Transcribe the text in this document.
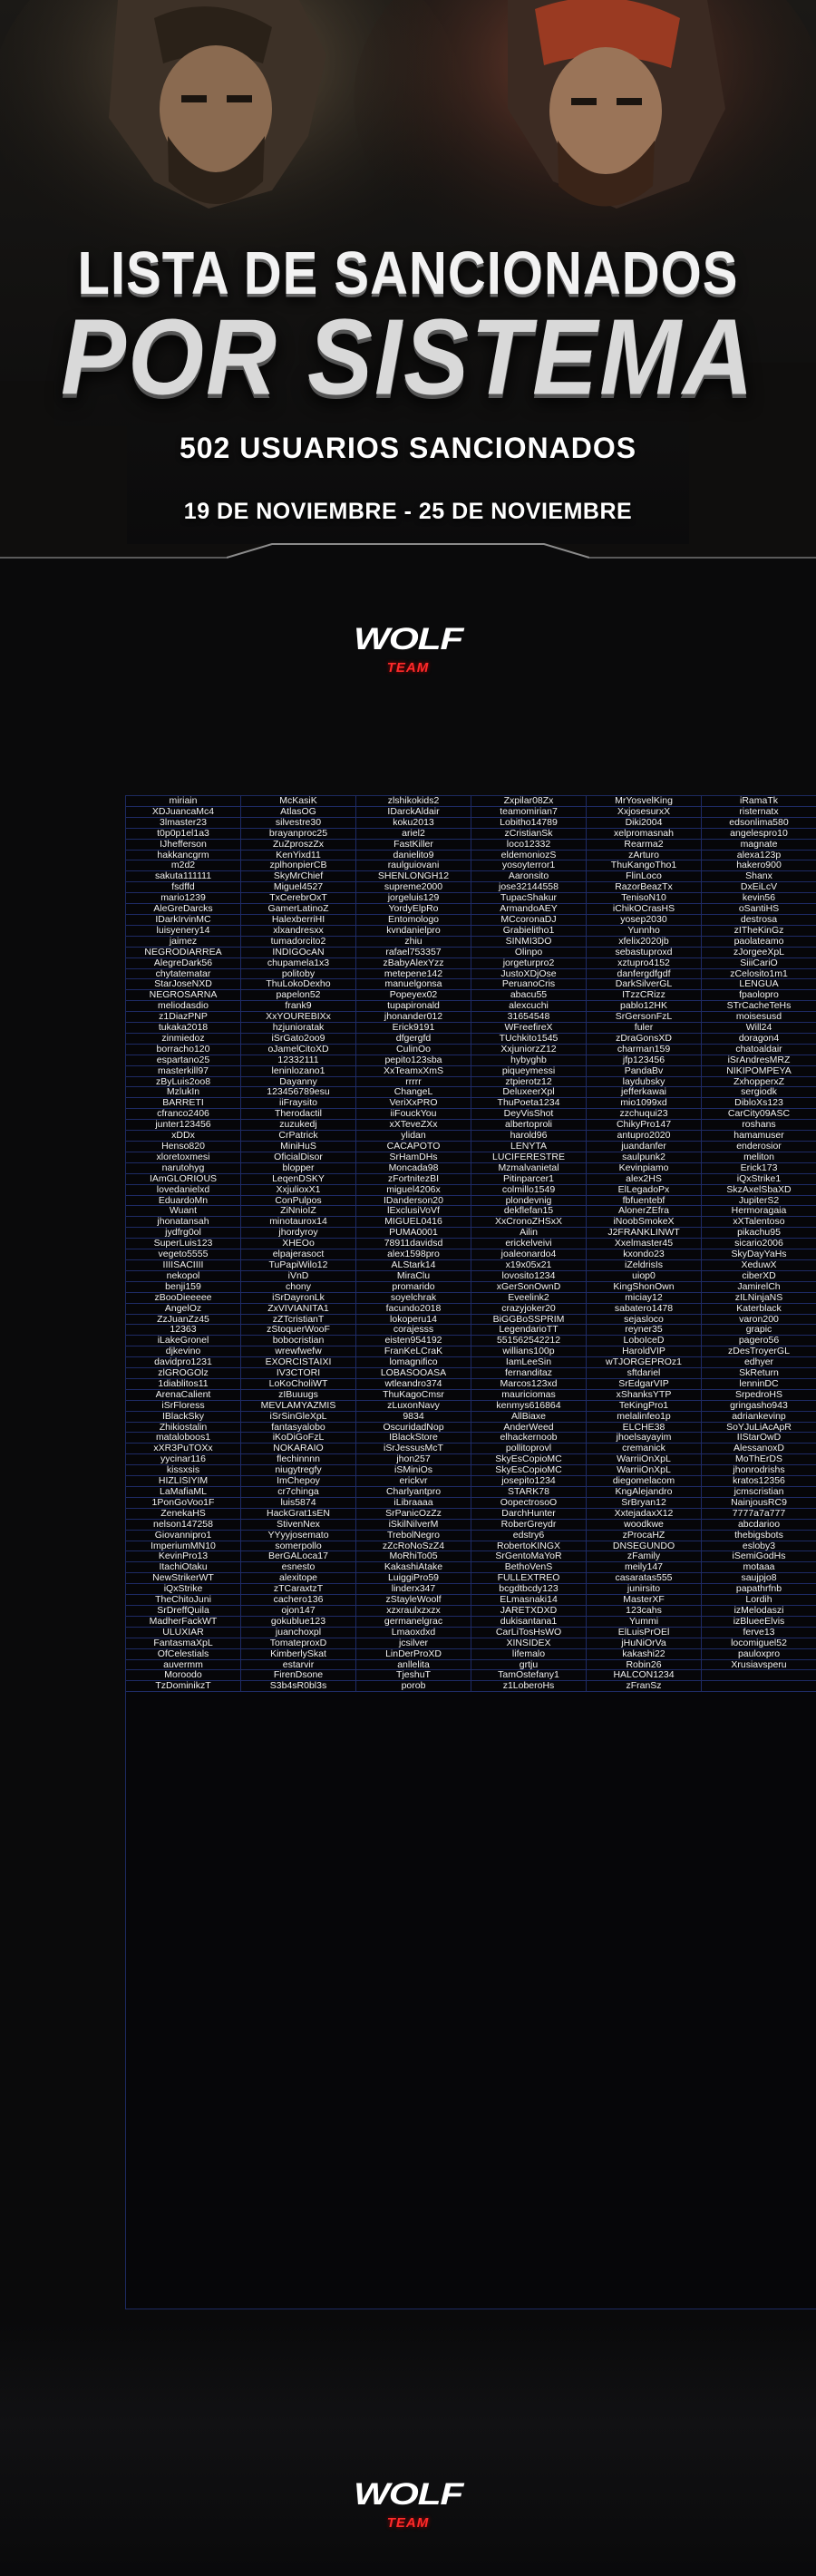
LISTA DE SANCIONADOS
POR SISTEMA
502 USUARIOS SANCIONADOS
19 DE NOVIEMBRE - 25 DE NOVIEMBRE
WOLF
TEAM
miriain	McKasiK	zlshikokids2	Zxpilar08Zx	MrYosvelKing	iRamaTk
XDJuancaMc4	AtlasOG	IDarckAldair	teamomirian7	XxjosesurxX	risternatx
3lmaster23	silvestre30	koku2013	Lobitho14789	Diki2004	edsonlima580
t0p0p1el1a3	brayanproc25	ariel2	zCristianSk	xelpromasnah	angelespro10
IJhefferson	ZuZproszZx	FastKiller	loco12332	Rearma2	magnate
hakkancgrm	KenYixd11	danielito9	eldemoniozS	zArturo	alexa123p
m2d2	zplhonpierCB	raulguiovani	yosoyterror1	ThuKangoTho1	hakero900
sakuta111111	SkyMrChief	SHENLONGH12	Aaronsito	FlinLoco	Shanx
fsdffd	Miguel4527	supreme2000	jose32144558	RazorBeazTx	DxEiLcV
mario1239	TxCerebrOxT	jorgeluis129	TupacShakur	TenisoN10	kevin56
AleGreDarcks	GamerLatinoZ	YordyElpRo	ArmandoAEY	iChikOCrasHS	oSantiHS
IDarkIrvinMC	HalexberriHI	Entomologo	MCcoronaDJ	yosep2030	destrosa
luisyenery14	xlxandresxx	kvndanielpro	Grabielitho1	Yunnho	zITheKinGz
jaimez	tumadorcito2	zhiu	SINMI3DO	xfelix2020jb	paolateamo
NEGRODIARREA	INDIGOcAN	rafael753357	Olinpo	sebastuproxd	zJorgeeXpL
AlegreDark56	chupamela1x3	zBabyAlexYzz	jorgeturpro2	xztupro4152	SiiiCariO
chytatematar	politoby	metepene142	JustoXDjOse	danfergdfgdf	zCelosito1m1
StarJoseNXD	ThuLokoDexho	manuelgonsa	PeruanoCris	DarkSilverGL	LENGUA
NEGROSARNA	papelon52	Popeyex02	abacu55	ITzzCRizz	fpaolopro
meliodasdio	frank9	tupapironald	alexcuchi	pablo12HK	STrCacheTeHs
z1DiazPNP	XxYOUREBIXx	jhonander012	31654548	SrGersonFzL	moisesusd
tukaka2018	hzjunioratak	Erick9191	WFreefireX	fuler	Will24
zinmiedoz	iSrGato2oo9	dfgergfd	TUchkito1545	zDraGonsXD	doragon4
borracho120	oJamelCitoXD	CulinOo	XxjuniorzZ12	charman159	chatoaldair
espartano25	12332111	pepito123sba	hybyghb	jfp123456	iSrAndresMRZ
masterkill97	leninlozano1	XxTeamxXmS	piqueymessi	PandaBv	NIKIPOMPEYA
zByLuis2oo8	Dayanny	rrrrr	ztpierotz12	laydubsky	ZxhopperxZ
MzlukIn	123456789esu	ChangeL	DeluxeerXpl	jefferkawai	sergiodk
BARRETI	iiFraysito	VeriXxPRO	ThuPoeta1234	mio1099xd	DibloXs123
cfranco2406	Therodactil	iiFouckYou	DeyVisShot	zzchuqui23	CarCity09ASC
junter123456	zuzukedj	xXTeveZXx	albertoproli	ChikyPro147	roshans
xDDx	CrPatrick	ylidan	harold96	antupro2020	hamamuser
Henso820	MiniHuS	CACAPOTO	LENYTA	juandanfer	enderosior
xloretoxmesi	OficialDisor	SrHamDHs	LUCIFERESTRE	saulpunk2	meliton
narutohyg	blopper	Moncada98	Mzmalvanietal	Kevinpiamo	Erick173
IAmGLORIOUS	LeqenDSKY	zFortnitezBI	Pitinparcer1	alex2HS	iQxStrike1
lovedanielxd	XxjulioxX1	miguel4206x	colmillo1549	ElLegadoPx	SkzAxelSbaXD
EduardoMn	ConPulpos	IDanderson20	plondevnig	fbfuentebf	JupiterS2
Wuant	ZiNnioIZ	lExclusiVoVf	dekflefan15	AlonerZEfra	Hermoragaia
jhonatansah	minotaurox14	MIGUEL0416	XxCronoZHSxX	iNoobSmokeX	xXTalentoso
jydfrg0ol	jhordyroy	PUMA0001	Ailin	J2FRANKLINWT	pikachu95
SuperLuis123	XHEOo	78911davidsd	erickelveivi	Xxelmaster45	sicario2006
vegeto5555	elpajerasoct	alex1598pro	joaleonardo4	kxondo23	SkyDayYaHs
IIIISACIIII	TuPapiWilo12	ALStark14	x19x05x21	iZeldrisIs	XeduwX
nekopol	iVnD	MiraClu	lovosito1234	uiop0	ciberXD
benji159	chony	promarido	xGerSonOwnD	KingShonOwn	JamirelCh
zBooDieeeee	iSrDayronLk	soyelchrak	Eveelink2	miciay12	zILNinjaNS
AngelOz	ZxVIVIANITA1	facundo2018	crazyjoker20	sabatero1478	Katerblack
ZzJuanZz45	zZTcristianT	lokoperu14	BiGGBoSSPRIM	sejasloco	varon200
12363	zStoquerWooF	corajesss	LegendarioTT	reyner35	grapic
iLakeGronel	bobocristian	eisten954192	551562542212	LoboIceD	pagero56
djkevino	wrewfwefw	FranKeLCraK	willians100p	HaroldVIP	zDesTroyerGL
davidpro1231	EXORCISTAIXI	lomagnifico	IamLeeSin	wTJORGEPROz1	edhyer
zlGROGOlz	IV3CTORI	LOBASOOASA	fernanditaz	sftdariel	SkReturn
1diablitos11	LoKoCholiWT	wtleandro374	Marcos123xd	SrEdgarVIP	lenninDC
ArenaCalient	zIBuuugs	ThuKagoCmsr	mauriciomas	xShanksYTP	SrpedroHS
iSrFloress	MEVLAMYAZMIS	zLuxonNavy	kenmys616864	TeKingPro1	gringasho943
IBlackSky	iSrSinGleXpL	9834	AllBiaxe	melalinfeo1p	adriankevinp
Zhikiostalin	fantasyalobo	OscuridadNop	AnderWeed	ELCHE38	SoYJuLiAcApR
mataloboos1	iKoDiGoFzL	IBlackStore	elhackernoob	jhoelsayayim	IIStarOwD
xXR3PuTOXx	NOKARAIO	iSrJessusMcT	pollitoprovl	cremanick	AlessanoxD
yycinar116	flechinnnn	jhon257	SkyEsCopioMC	WarriiOnXpL	MoThErDS
kissxsis	niugytregfy	iSMiniOs	SkyEsCopioMC	WarriiOnXpL	jhonrodrishs
HIZLISIYIM	ImChepoy	erickvr	josepito1234	diegomelacom	kratos12356
LaMafiaML	cr7chinga	Charlyantpro	STARK78	KngAlejandro	jcmscristian
1PonGoVoo1F	luis5874	iLibraaaa	OopectrosoO	SrBryan12	NainjousRC9
ZenekaHS	HackGrat1sEN	SrPanicOzZz	DarchHunter	XxtejadaxX12	7777a7a777
nelson147258	StivenNex	iSkilNilverM	RoberGreydr	woodkwe	abcdarioo
Giovannipro1	YYyyjosemato	TrebolNegro	edstry6	zProcaHZ	thebigsbots
ImperiumMN10	somerpollo	zZcRoNoSzZ4	RobertoKINGX	DNSEGUNDO	esloby3
KevinPro13	BerGALoca17	MoRhiTo05	SrGentoMaYoR	zFamily	iSemiGodHs
ItachiOtaku	esnesto	KakashiAtake	BethoVenS	meily147	motaaa
NewStrikerWT	alexitope	LuiggiPro59	FULLEXTREO	casaratas555	saujpjo8
iQxStrike	zTCaraxtzT	linderx347	bcgdtbcdy123	junirsito	papathrfnb
TheChitoJuni	cachero136	zStayleWoolf	ELmasnaki14	MasterXF	Lordih
SrDreffQuila	ojon147	xzxraulxzxzx	JARETXDXD	123cahs	izMelodaszi
MadherFackWT	gokublue123	germanelgrac	dukisantana1	Yummi	izBlueeElvis
ULUXIAR	juanchoxpl	Lmaoxdxd	CarLiTosHsWO	ElLuisPrOEl	ferve13
FantasmaXpL	TomateproxD	jcsilver	XINSIDEX	jHuNiOrVa	locomiguel52
OfCelestials	KimberlySkat	LinDerProXD	lifemalo	kakashi22	pauloxpro
auvermm	estarvir	anllelita	grtju	Robin26	Xrusiavsperu
Moroodo	FirenDsone	TjeshuT	TamOstefany1	HALCON1234
TzDominikzT	S3b4sR0bl3s	porob	z1LoberoHs	zFranSz
WOLF
TEAM
